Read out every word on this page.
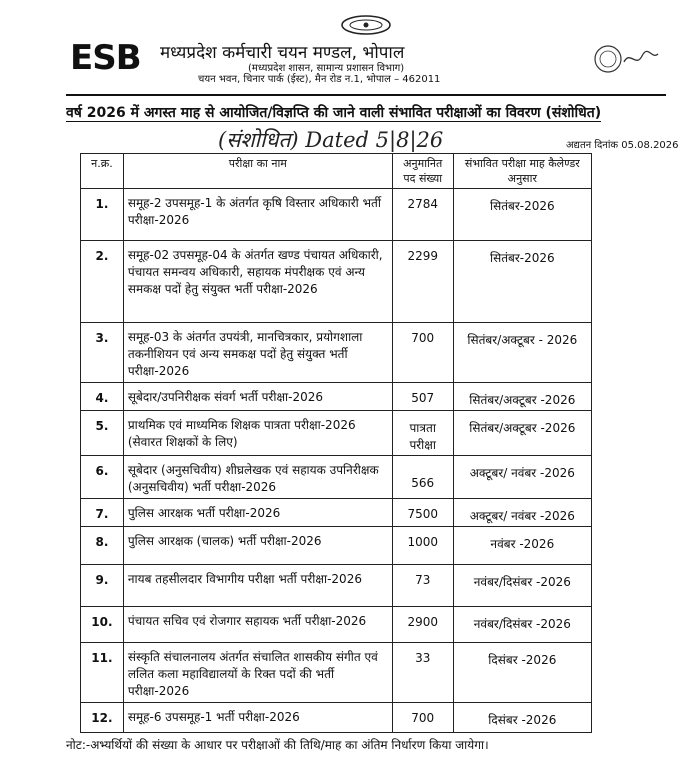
ESB	मध्यप्रदेश कर्मचारी चयन मण्डल, भोपाल
(मध्यप्रदेश शासन, सामान्य प्रशासन विभाग)
चयन भवन, चिनार पार्क (ईस्ट), मैन रोड न.1, भोपाल – 462011
वर्ष 2026 में अगस्त माह से आयोजित/विज्ञप्ति की जाने वाली संभावित परीक्षाओं का विवरण (संशोधित)
(संशोधित) Dated 5|8|26	अद्यतन दिनांक 05.08.2026
न.क्र.	परीक्षा का नाम	अनुमानित पद संख्या	संभावित परीक्षा माह कैलेण्डर अनुसार
1.	समूह-2 उपसमूह-1 के अंतर्गत कृषि विस्तार अधिकारी भर्ती परीक्षा-2026	2784	सितंबर-2026
2.	समूह-02 उपसमूह-04 के अंतर्गत खण्ड पंचायत अधिकारी, पंचायत समन्वय अधिकारी, सहायक मंपरीक्षक एवं अन्य समकक्ष पदों हेतु संयुक्त भर्ती परीक्षा-2026	2299	सितंबर-2026
3.	समूह-03 के अंतर्गत उपयंत्री, मानचित्रकार, प्रयोगशाला तकनीशियन एवं अन्य समकक्ष पदों हेतु संयुक्त भर्ती परीक्षा-2026	700	सितंबर/अक्टूबर - 2026
4.	सूबेदार/उपनिरीक्षक संवर्ग भर्ती परीक्षा-2026	507	सितंबर/अक्टूबर -2026
5.	प्राथमिक एवं माध्यमिक शिक्षक पात्रता परीक्षा-2026 (सेवारत शिक्षकों के लिए)	पात्रता परीक्षा	सितंबर/अक्टूबर -2026
6.	सूबेदार (अनुसचिवीय) शीघ्रलेखक एवं सहायक उपनिरीक्षक (अनुसचिवीय) भर्ती परीक्षा-2026	566	अक्टूबर/ नवंबर -2026
7.	पुलिस आरक्षक भर्ती परीक्षा-2026	7500	अक्टूबर/ नवंबर -2026
8.	पुलिस आरक्षक (चालक) भर्ती परीक्षा-2026	1000	नवंबर -2026
9.	नायब तहसीलदार विभागीय परीक्षा भर्ती परीक्षा-2026	73	नवंबर/दिसंबर -2026
10.	पंचायत सचिव एवं रोजगार सहायक भर्ती परीक्षा-2026	2900	नवंबर/दिसंबर -2026
11.	संस्कृति संचालनालय अंतर्गत संचालित शासकीय संगीत एवं ललित कला महाविद्यालयों के रिक्त पदों की भर्ती परीक्षा-2026	33	दिसंबर -2026
12.	समूह-6 उपसमूह-1 भर्ती परीक्षा-2026	700	दिसंबर -2026
नोट:-अभ्यर्थियों की संख्या के आधार पर परीक्षाओं की तिथि/माह का अंतिम निर्धारण किया जायेगा।
